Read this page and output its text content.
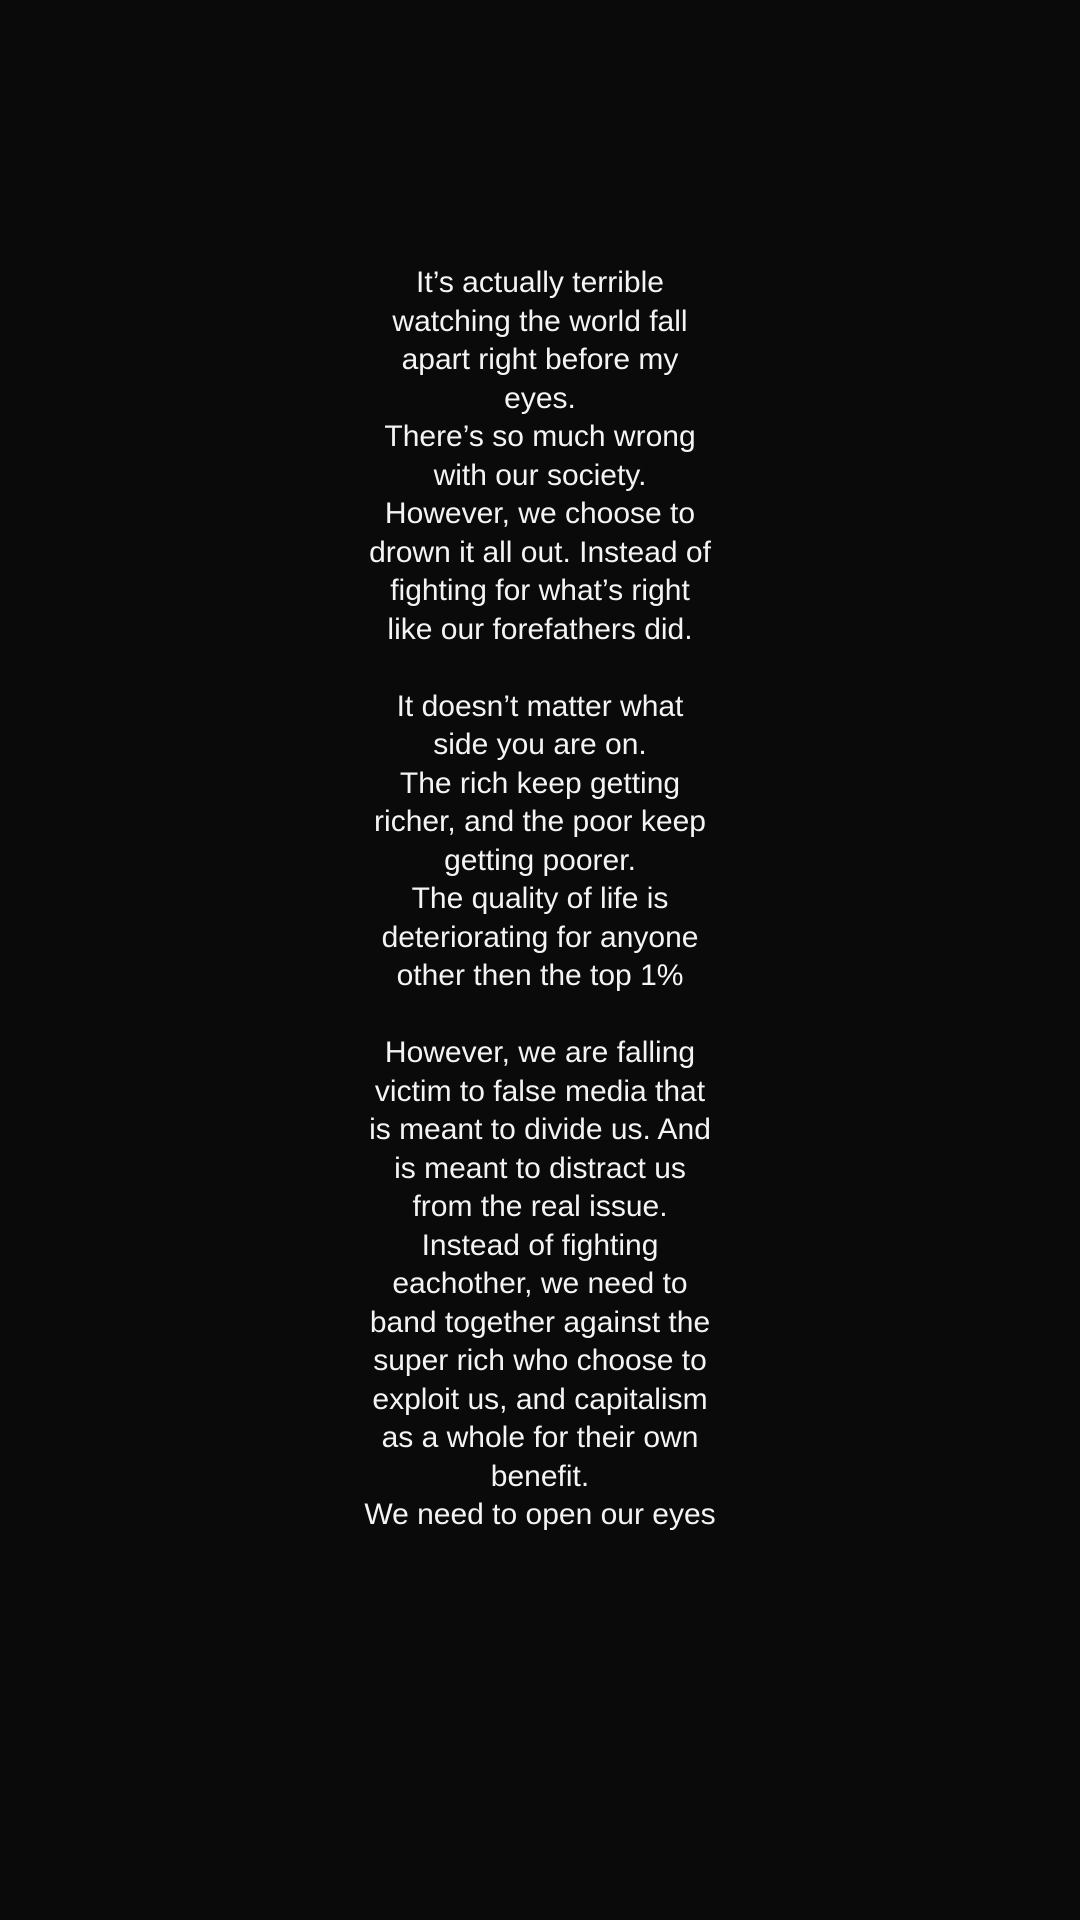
It’s actually terrible
watching the world fall
apart right before my
eyes.
There’s so much wrong
with our society.
However, we choose to
drown it all out. Instead of
fighting for what’s right
like our forefathers did.

It doesn’t matter what
side you are on.
The rich keep getting
richer, and the poor keep
getting poorer.
The quality of life is
deteriorating for anyone
other then the top 1%

However, we are falling
victim to false media that
is meant to divide us. And
is meant to distract us
from the real issue.
Instead of fighting
eachother, we need to
band together against the
super rich who choose to
exploit us, and capitalism
as a whole for their own
benefit.
We need to open our eyes
